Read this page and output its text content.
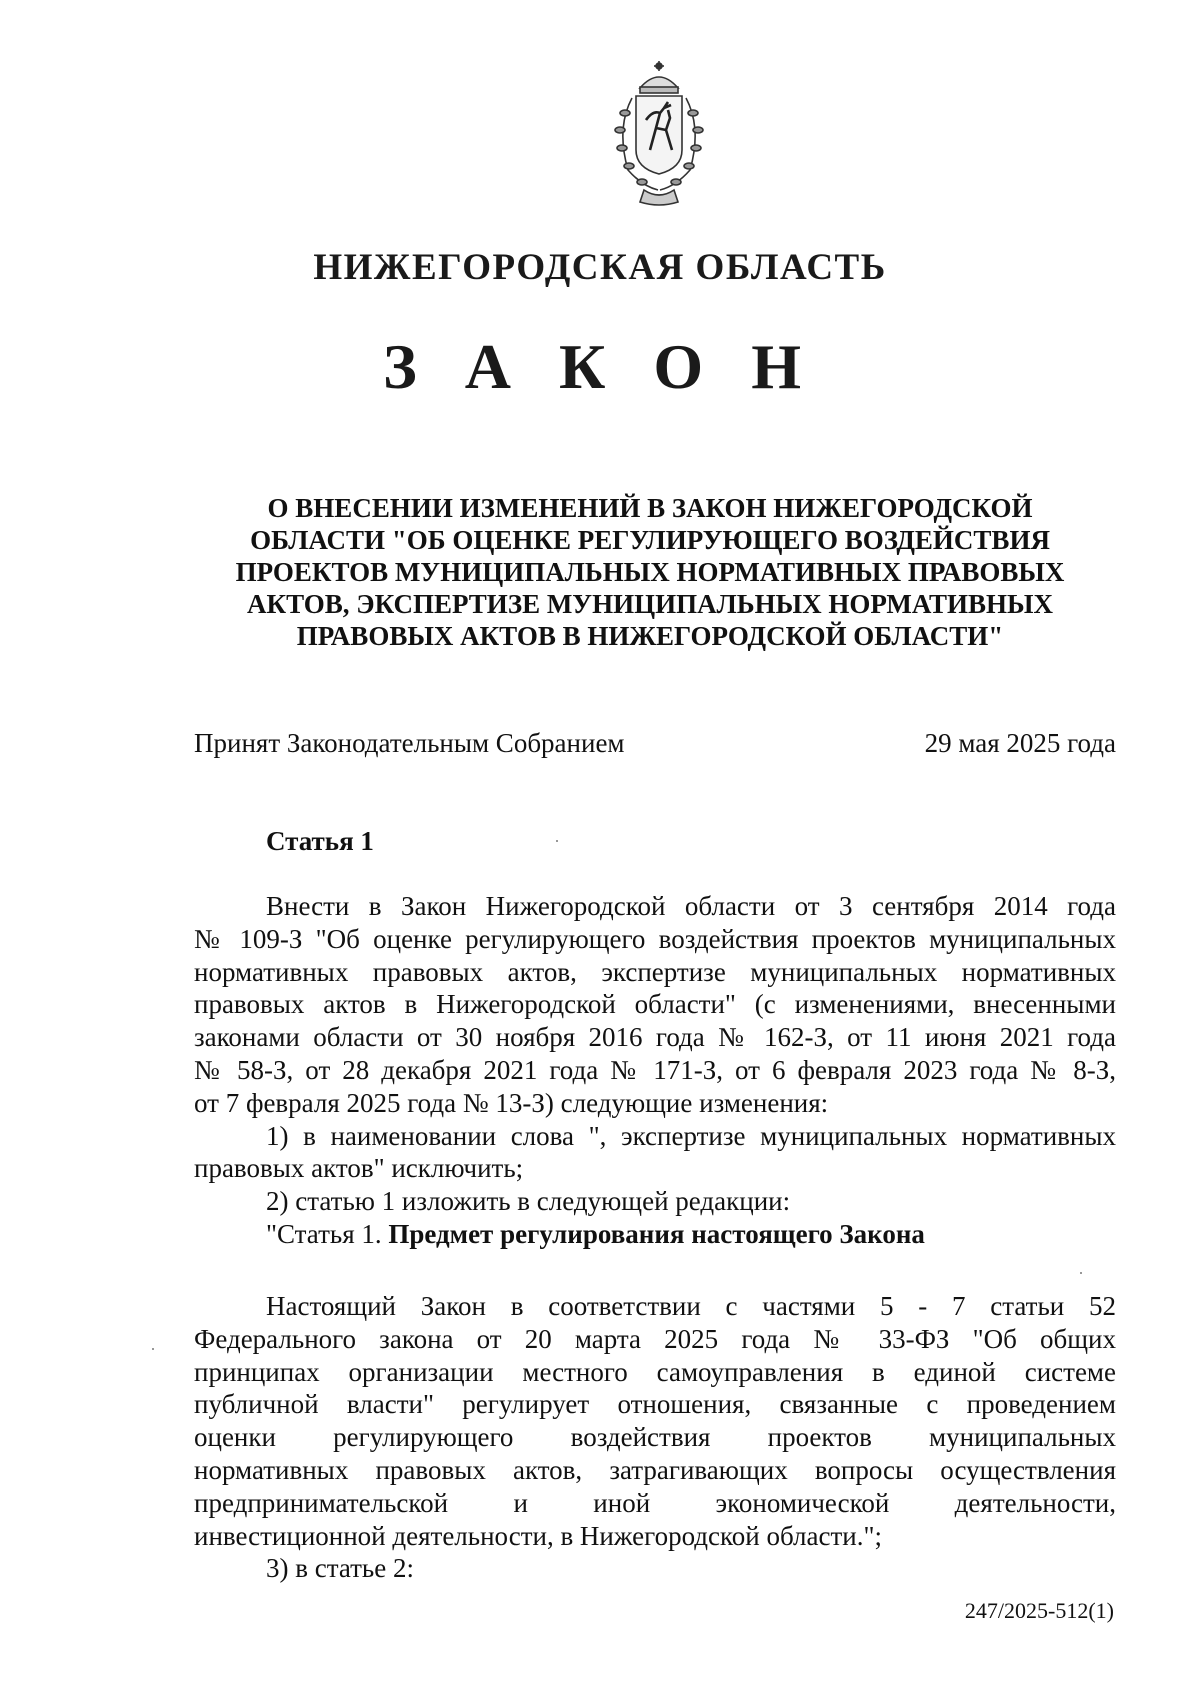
НИЖЕГОРОДСКАЯ ОБЛАСТЬ
З А К О Н
О ВНЕСЕНИИ ИЗМЕНЕНИЙ В ЗАКОН НИЖЕГОРОДСКОЙ
ОБЛАСТИ "ОБ ОЦЕНКЕ РЕГУЛИРУЮЩЕГО ВОЗДЕЙСТВИЯ
ПРОЕКТОВ МУНИЦИПАЛЬНЫХ НОРМАТИВНЫХ ПРАВОВЫХ
АКТОВ, ЭКСПЕРТИЗЕ МУНИЦИПАЛЬНЫХ НОРМАТИВНЫХ
ПРАВОВЫХ АКТОВ В НИЖЕГОРОДСКОЙ ОБЛАСТИ"
Принят Законодательным Собранием	29 мая 2025 года
Статья 1
Внести в Закон Нижегородской области от 3 сентября 2014 года
№ 109-З "Об оценке регулирующего воздействия проектов муниципальных
нормативных правовых актов, экспертизе муниципальных нормативных
правовых актов в Нижегородской области" (с изменениями, внесенными
законами области от 30 ноября 2016 года № 162-З, от 11 июня 2021 года
№ 58-З, от 28 декабря 2021 года № 171-З, от 6 февраля 2023 года № 8-З,
от 7 февраля 2025 года № 13-З) следующие изменения:
1) в наименовании слова ", экспертизе муниципальных нормативных
правовых актов" исключить;
2) статью 1 изложить в следующей редакции:
"Статья 1. Предмет регулирования настоящего Закона
Настоящий Закон в соответствии с частями 5 - 7 статьи 52
Федерального закона от 20 марта 2025 года № 33-ФЗ "Об общих
принципах организации местного самоуправления в единой системе
публичной власти" регулирует отношения, связанные с проведением
оценки регулирующего воздействия проектов муниципальных
нормативных правовых актов, затрагивающих вопросы осуществления
предпринимательской и иной экономической деятельности,
инвестиционной деятельности, в Нижегородской области.";
3) в статье 2:
247/2025-512(1)
